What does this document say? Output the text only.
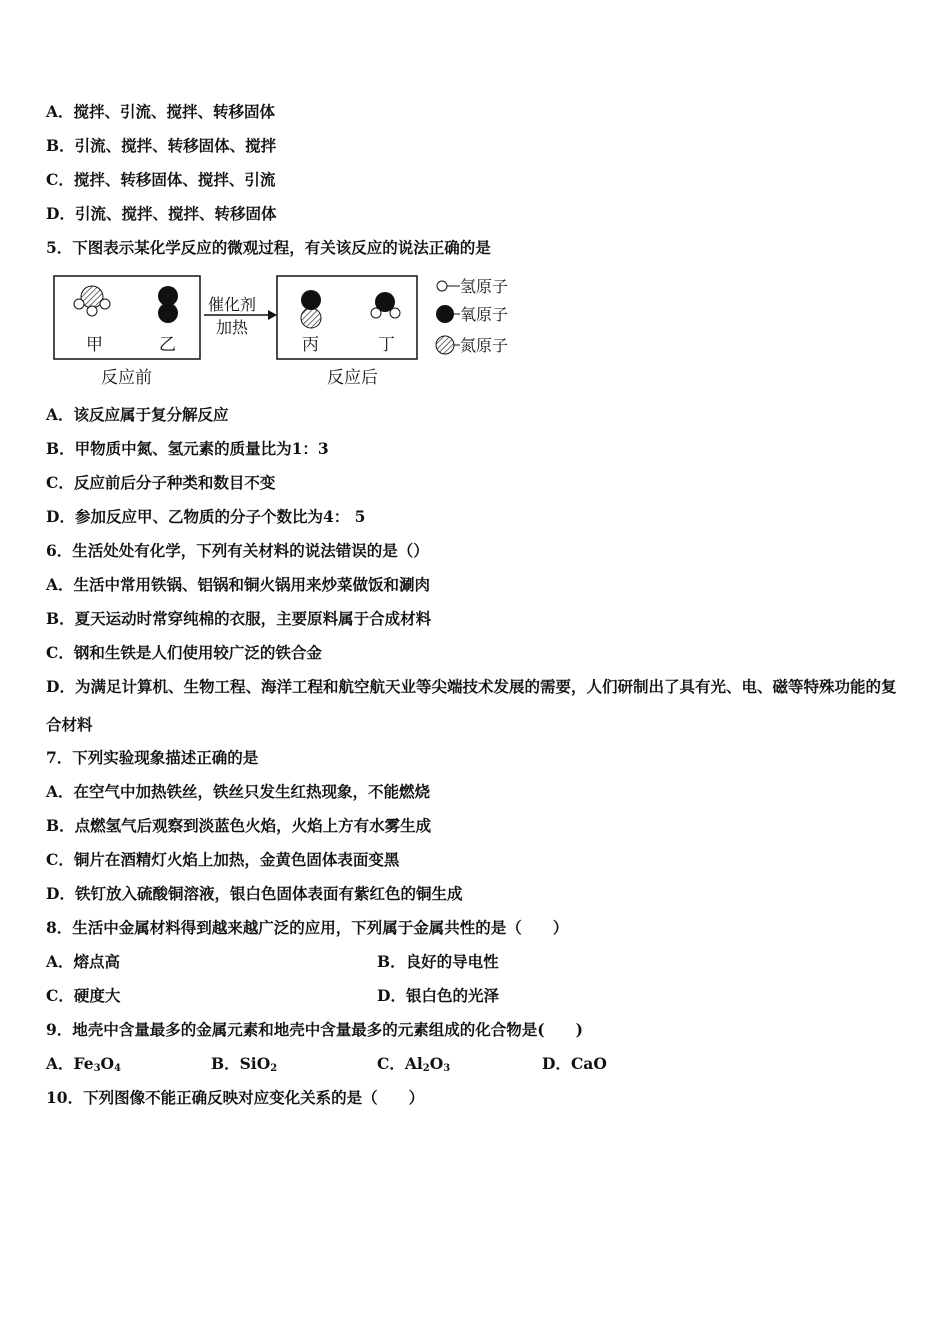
A．搅拌、引流、搅拌、转移固体
B．引流、搅拌、转移固体、搅拌
C．搅拌、转移固体、搅拌、引流
D．引流、搅拌、搅拌、转移固体
5．下图表示某化学反应的微观过程，有关该反应的说法正确的是
甲	乙
反应前
催化剂
加热
丙	丁
反应后
氢原子
氧原子
氮原子
A．该反应属于复分解反应
B．甲物质中氮、氢元素的质量比为1：3
C．反应前后分子种类和数目不变
D．参加反应甲、乙物质的分子个数比为4： 5
6．生活处处有化学，下列有关材料的说法错误的是（）
A．生活中常用铁锅、铝锅和铜火锅用来炒菜做饭和涮肉
B．夏天运动时常穿纯棉的衣服，主要原料属于合成材料
C．钢和生铁是人们使用较广泛的铁合金
D．为满足计算机、生物工程、海洋工程和航空航天业等尖端技术发展的需要，人们研制出了具有光、电、磁等特殊功能的复合材料
7．下列实验现象描述正确的是
A．在空气中加热铁丝，铁丝只发生红热现象，不能燃烧
B．点燃氢气后观察到淡蓝色火焰，火焰上方有水雾生成
C．铜片在酒精灯火焰上加热，金黄色固体表面变黑
D．铁钉放入硫酸铜溶液，银白色固体表面有紫红色的铜生成
8．生活中金属材料得到越来越广泛的应用，下列属于金属共性的是（　　）
A．熔点高	B．良好的导电性
C．硬度大	D．银白色的光泽
9．地壳中含量最多的金属元素和地壳中含量最多的元素组成的化合物是(　　)
A．$Fe_3O_4$	B．SiO$_2$	C．$Al_2O_3$	D．CaO
10．下列图像不能正确反映对应变化关系的是（　　）
